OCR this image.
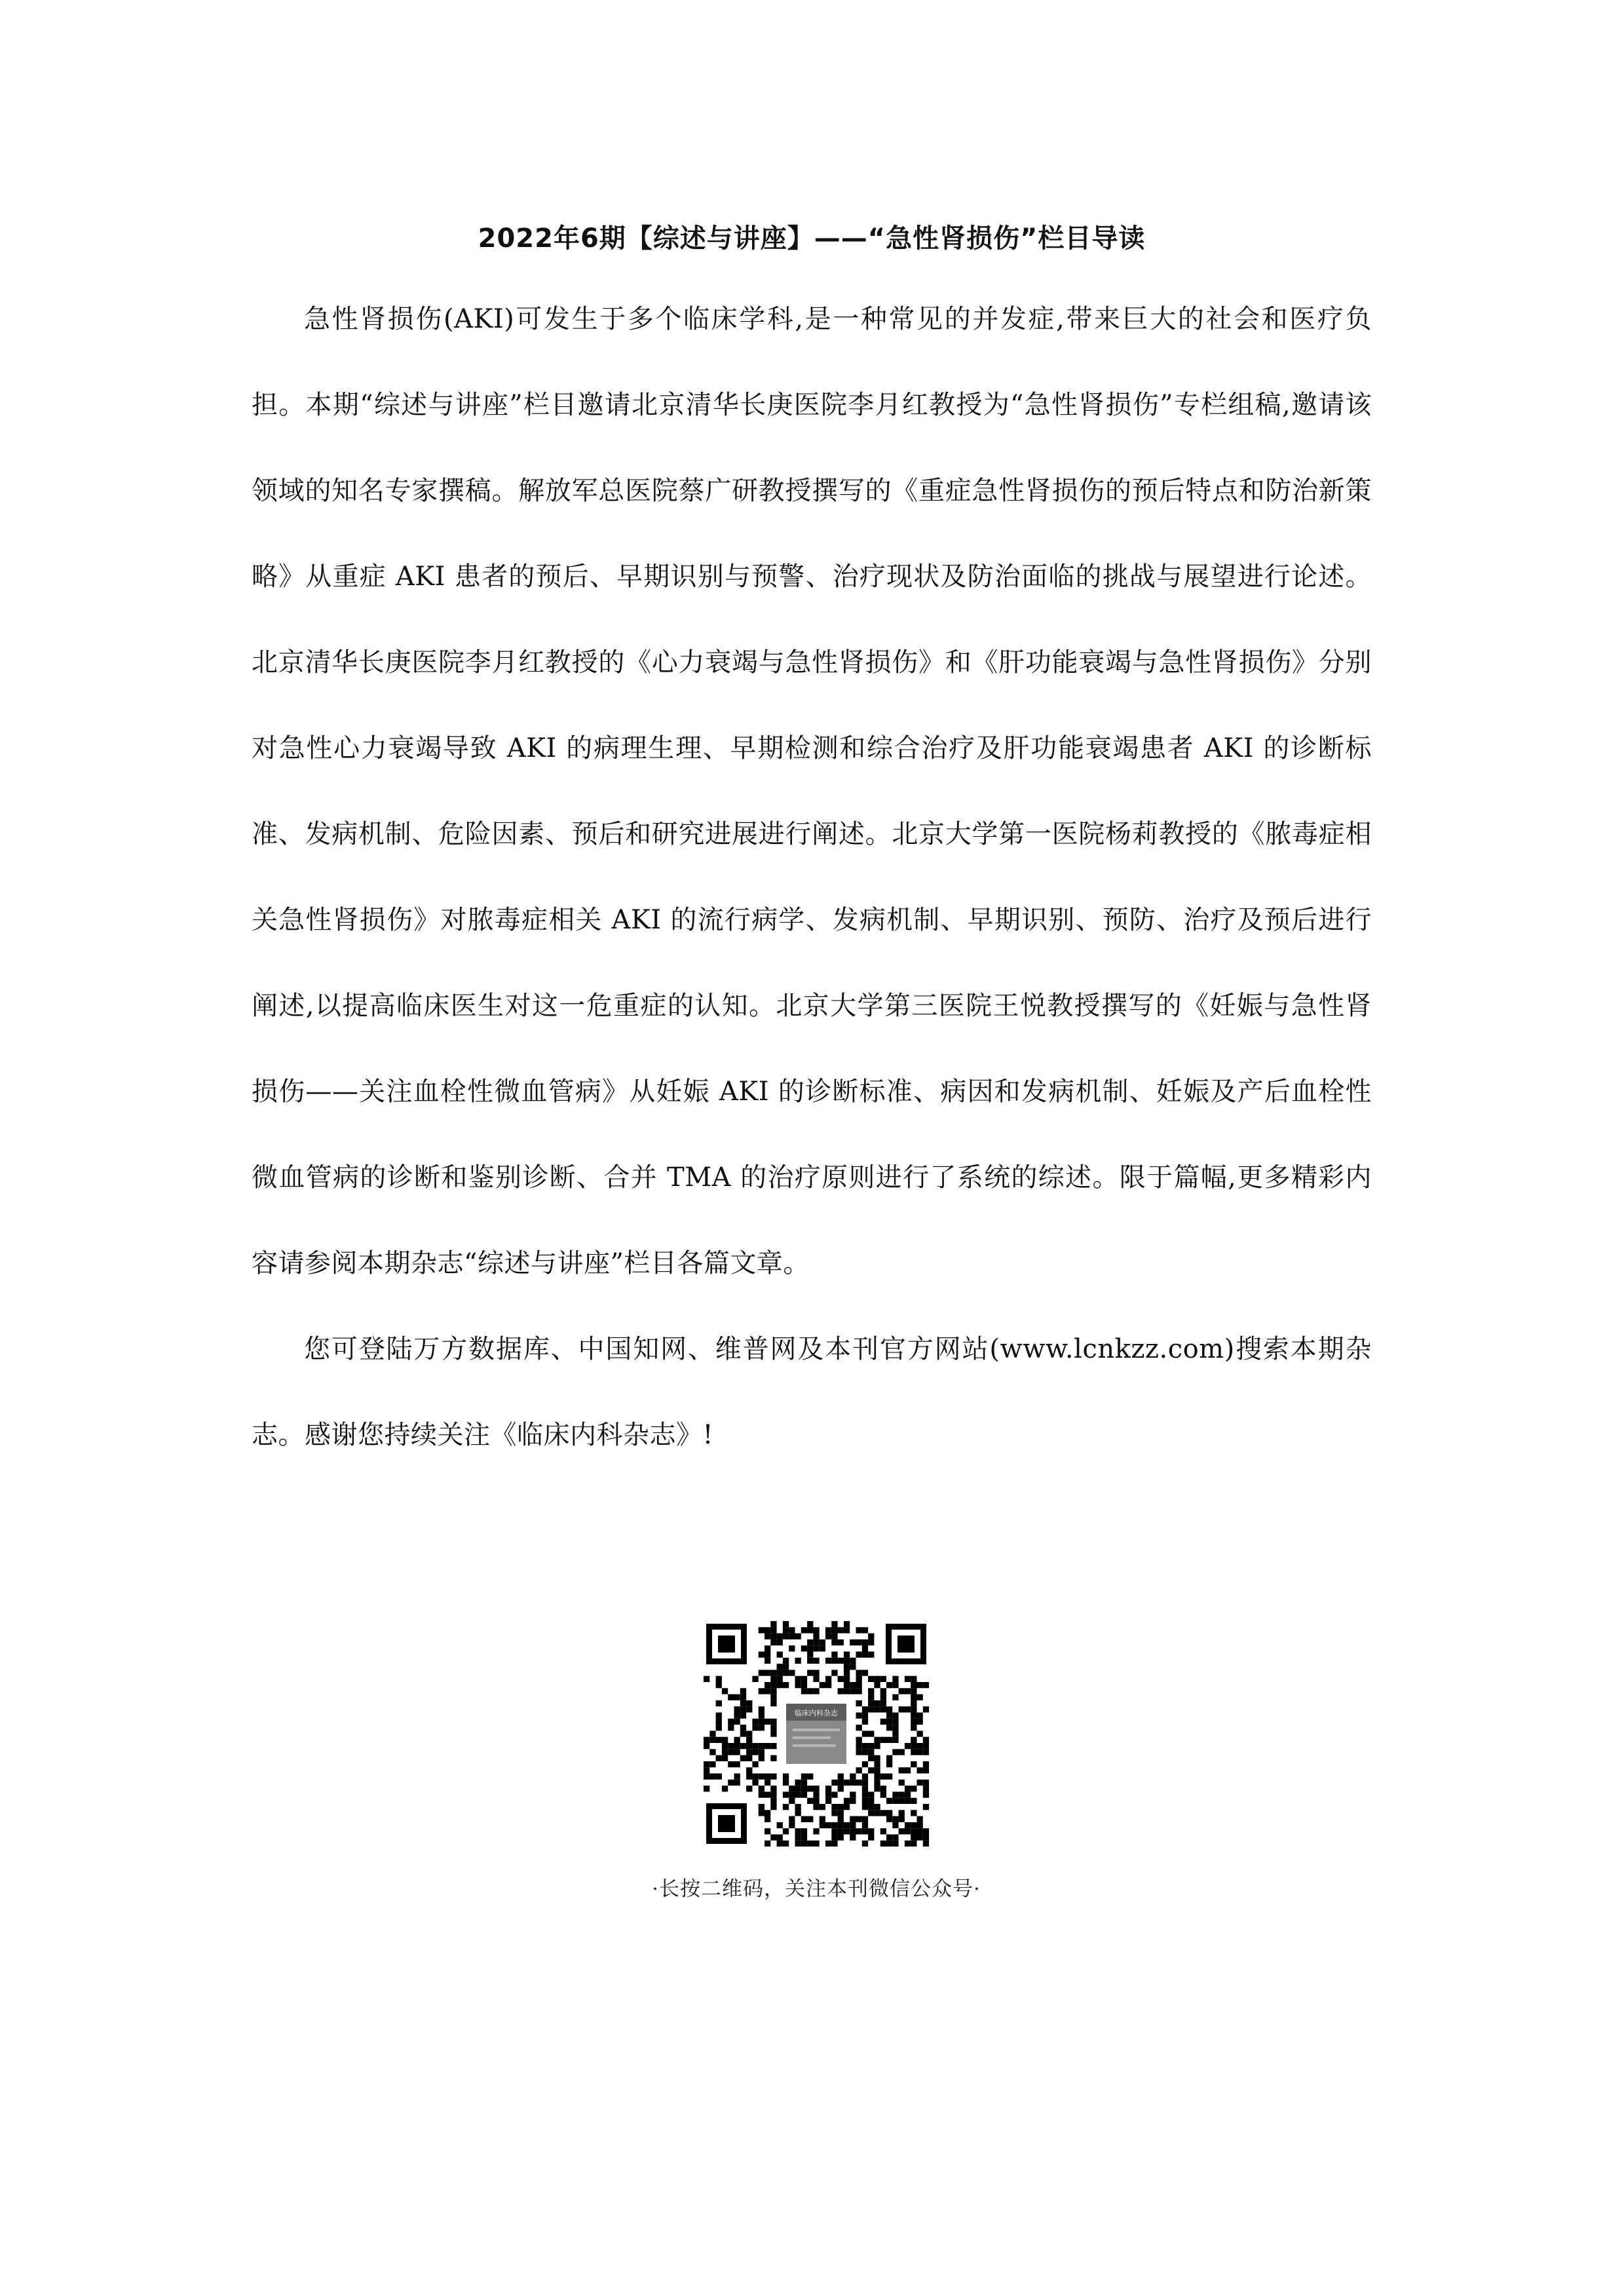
2022年6期【综述与讲座】——“急性肾损伤”栏目导读

急性肾损伤(AKI)可发生于多个临床学科,是一种常见的并发症,带来巨大的社会和医疗负担。本期“综述与讲座”栏目邀请北京清华长庚医院李月红教授为“急性肾损伤”专栏组稿,邀请该领域的知名专家撰稿。解放军总医院蔡广研教授撰写的《重症急性肾损伤的预后特点和防治新策略》从重症 AKI 患者的预后、早期识别与预警、治疗现状及防治面临的挑战与展望进行论述。北京清华长庚医院李月红教授的《心力衰竭与急性肾损伤》和《肝功能衰竭与急性肾损伤》分别对急性心力衰竭导致 AKI 的病理生理、早期检测和综合治疗及肝功能衰竭患者 AKI 的诊断标准、发病机制、危险因素、预后和研究进展进行阐述。北京大学第一医院杨莉教授的《脓毒症相关急性肾损伤》对脓毒症相关 AKI 的流行病学、发病机制、早期识别、预防、治疗及预后进行阐述,以提高临床医生对这一危重症的认知。北京大学第三医院王悦教授撰写的《妊娠与急性肾损伤——关注血栓性微血管病》从妊娠 AKI 的诊断标准、病因和发病机制、妊娠及产后血栓性微血管病的诊断和鉴别诊断、合并 TMA 的治疗原则进行了系统的综述。限于篇幅,更多精彩内容请参阅本期杂志“综述与讲座”栏目各篇文章。

您可登陆万方数据库、中国知网、维普网及本刊官方网站(www.lcnkzz.com)搜索本期杂志。感谢您持续关注《临床内科杂志》!

临床内科杂志
·长按二维码，关注本刊微信公众号·
